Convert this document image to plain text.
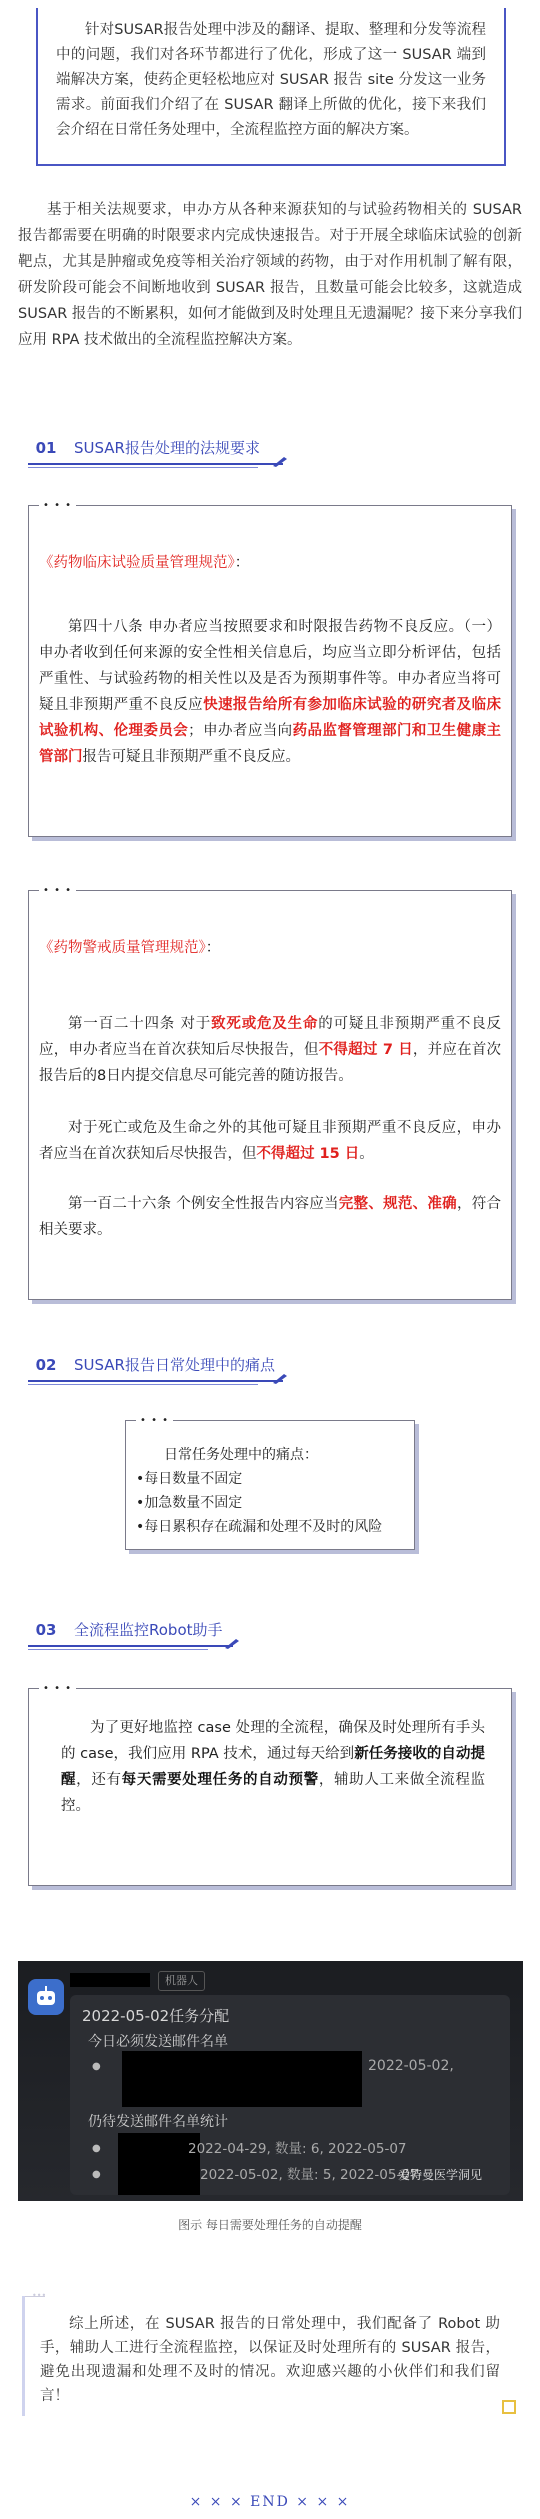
针对SUSAR报告处理中涉及的翻译、提取、整理和分发等流程中的问题，我们对各环节都进行了优化，形成了这一 SUSAR 端到端解决方案，使药企更轻松地应对 SUSAR 报告 site 分发这一业务需求。前面我们介绍了在 SUSAR 翻译上所做的优化，接下来我们会介绍在日常任务处理中，全流程监控方面的解决方案。

基于相关法规要求，申办方从各种来源获知的与试验药物相关的 SUSAR 报告都需要在明确的时限要求内完成快速报告。对于开展全球临床试验的创新靶点，尤其是肿瘤或免疫等相关治疗领域的药物，由于对作用机制了解有限，研发阶段可能会不间断地收到 SUSAR 报告，且数量可能会比较多，这就造成 SUSAR 报告的不断累积，如何才能做到及时处理且无遗漏呢？接下来分享我们应用 RPA 技术做出的全流程监控解决方案。

01	SUSAR报告处理的法规要求
• • •

《药物临床试验质量管理规范》：

第四十八条 申办者应当按照要求和时限报告药物不良反应。（一） 申办者收到任何来源的安全性相关信息后，均应当立即分析评估，包括严重性、与试验药物的相关性以及是否为预期事件等。申办者应当将可疑且非预期严重不良反应快速报告给所有参加临床试验的研究者及临床试验机构、伦理委员会；申办者应当向药品监督管理部门和卫生健康主管部门报告可疑且非预期严重不良反应。
• • •

《药物警戒质量管理规范》：

第一百二十四条 对于致死或危及生命的可疑且非预期严重不良反应，申办者应当在首次获知后尽快报告，但不得超过 7 日，并应在首次报告后的8日内提交信息尽可能完善的随访报告。
对于死亡或危及生命之外的其他可疑且非预期严重不良反应，申办者应当在首次获知后尽快报告，但不得超过 15 日。
第一百二十六条 个例安全性报告内容应当完整、规范、准确，符合相关要求。
02	SUSAR报告日常处理中的痛点
• • •

日常任务处理中的痛点：

•每日数量不固定

•加急数量不固定

•每日累积存在疏漏和处理不及时的风险

03	全流程监控Robot助手
• • •
为了更好地监控 case 处理的全流程，确保及时处理所有手头的 case，我们应用 RPA 技术，通过每天给到新任务接收的自动提醒，还有每天需要处理任务的自动预警，辅助人工来做全流程监控。
机器人
2022-05-02任务分配
今日必须发送邮件名单
●	2022-05-02,
仍待发送邮件名单统计
●
●
2022-04-29, 数量: 6, 2022-05-07
2022-05-02, 数量: 5, 2022-05-07
爱特曼医学洞见
图示 每日需要处理任务的自动提醒
•••

综上所述，在 SUSAR 报告的日常处理中，我们配备了 Robot 助手，辅助人工进行全流程监控，以保证及时处理所有的 SUSAR 报告，避免出现遗漏和处理不及时的情况。欢迎感兴趣的小伙伴们和我们留言！

× × × END × × ×
